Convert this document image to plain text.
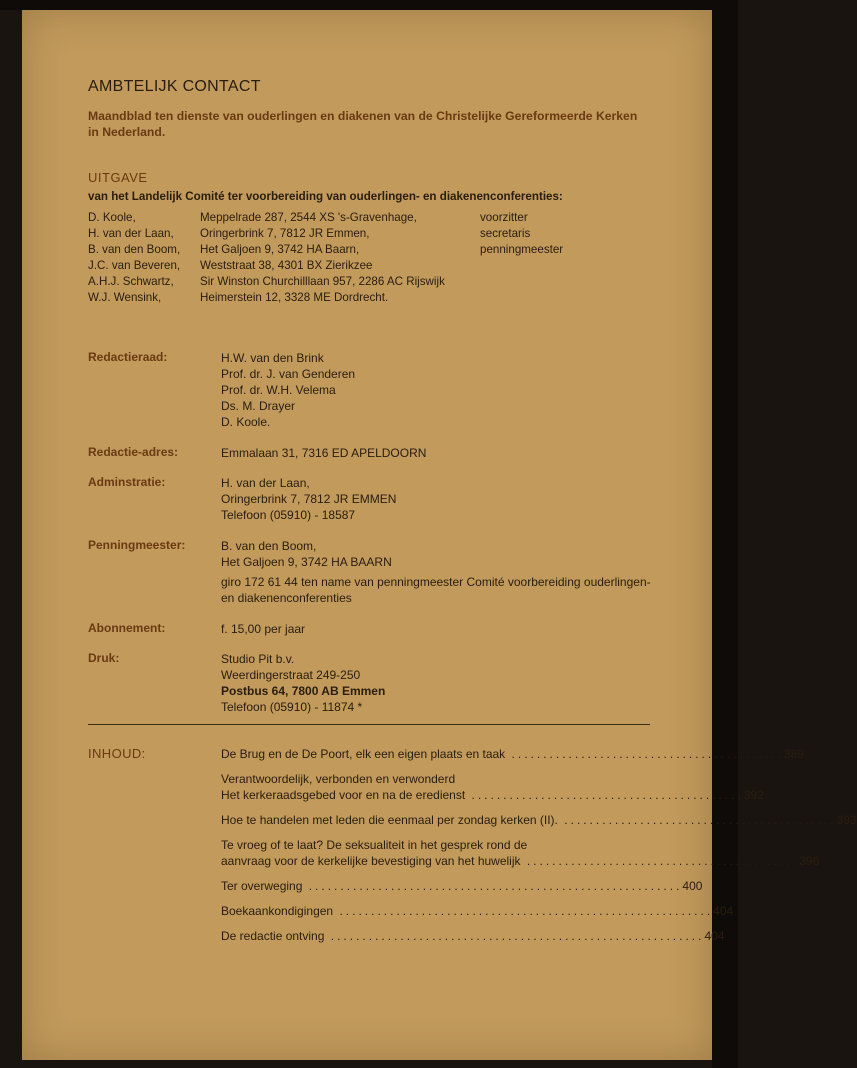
AMBTELIJK CONTACT
Maandblad ten dienste van ouderlingen en diakenen van de Christelijke Gereformeerde Kerken in Nederland.
UITGAVE
van het Landelijk Comité ter voorbereiding van ouderlingen- en diakenenconferenties:
D. Koole,	Meppelrade 287, 2544 XS 's-Gravenhage,	voorzitter
H. van der Laan, Oringerbrink 7, 7812 JR Emmen,	secretaris
B. van den Boom, Het Galjoen 9, 3742 HA Baarn,	penningmeester
J.C. van Beveren, Weststraat 38, 4301 BX Zierikzee
A.H.J. Schwartz, Sir Winston Churchilllaan 957, 2286 AC Rijswijk
W.J. Wensink,	Heimerstein 12, 3328 ME Dordrecht.
Redactieraad:	H.W. van den Brink
Prof. dr. J. van Genderen
Prof. dr. W.H. Velema
Ds. M. Drayer
D. Koole.
Redactie-adres:	Emmalaan 31, 7316 ED APELDOORN
Adminstratie:	H. van der Laan,
Oringerbrink 7, 7812 JR EMMEN
Telefoon (05910) - 18587
Penningmeester:	B. van den Boom,
Het Galjoen 9, 3742 HA BAARN
giro 172 61 44 ten name van penningmeester Comité voorbereiding ouderlingen- en diakenenconferenties
Abonnement:	f. 15,00 per jaar
Druk:	Studio Pit b.v.
Weerdingerstraat 249-250
Postbus 64, 7800 AB Emmen
Telefoon (05910) - 11874 *
INHOUD:	De Brug en de De Poort, elk een eigen plaats en taak ........................................... 389
Verantwoordelijk, verbonden en verwonderd
Het kerkeraadsgebed voor en na de eredienst ........................................... 392
Hoe te handelen met leden die eenmaal per zondag kerken (II). ........................................... 393
Te vroeg of te laat? De seksualiteit in het gesprek rond de
aanvraag voor de kerkelijke bevestiging van het huwelijk ........................................... 396
Ter overweging ........................................................... 400
Boekaankondigingen ........................................................... 404
De redactie ontving ........................................................... 404
